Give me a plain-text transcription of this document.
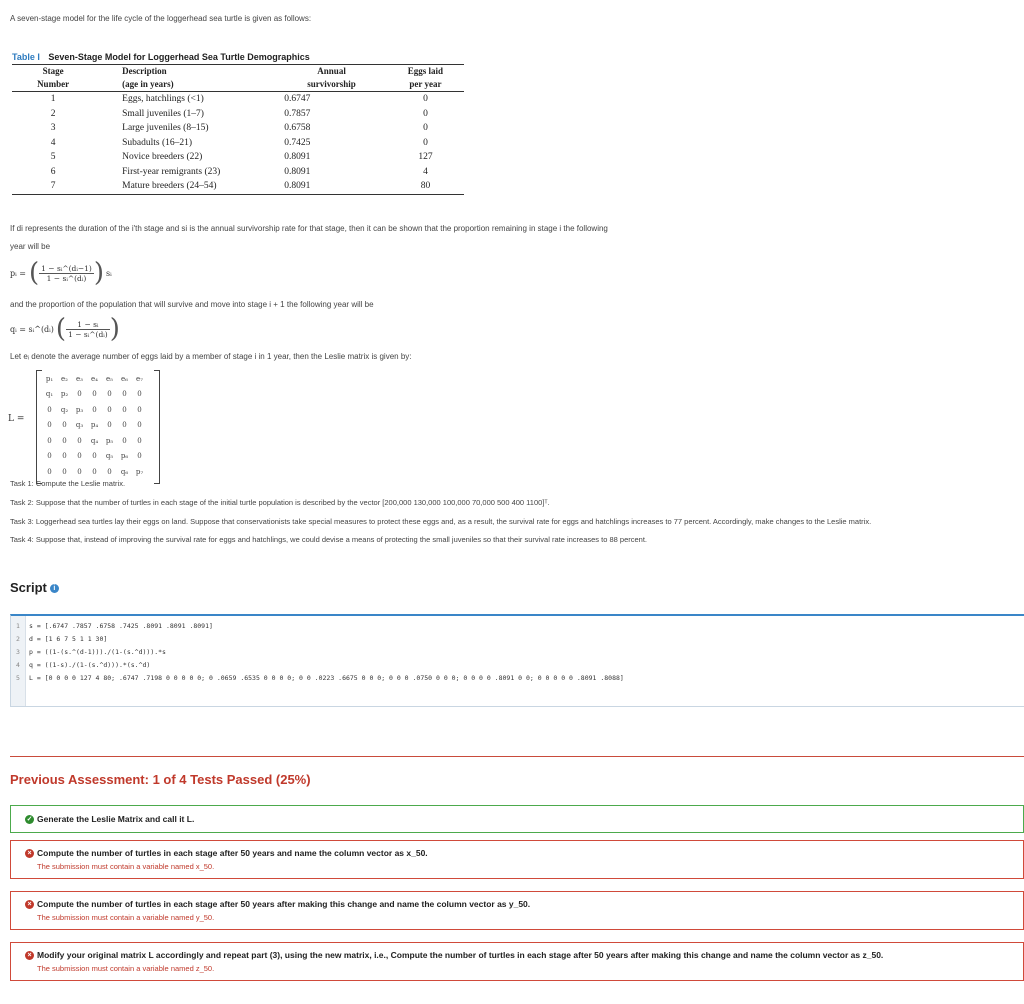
A seven-stage model for the life cycle of the loggerhead sea turtle is given as follows:
Table I Seven-Stage Model for Loggerhead Sea Turtle Demographics
Stage	Description	Annual	Eggs laid
Number	(age in years)	survivorship	per year
1	Eggs, hatchlings (<1)	0.6747	0
2	Small juveniles (1–7)	0.7857	0
3	Large juveniles (8–15)	0.6758	0
4	Subadults (16–21)	0.7425	0
5	Novice breeders (22)	0.8091	127
6	First-year remigrants (23)	0.8091	4
7	Mature breeders (24–54)	0.8091	80
If di represents the duration of the i'th stage and si is the annual survivorship rate for that stage, then it can be shown that the proportion remaining in stage i the following
year will be
pᵢ = ( $\frac{\text{1 − sᵢ\textasciicircum{}(dᵢ−1)}}{\text{1 − sᵢ\textasciicircum{}(dᵢ)}}$ ) sᵢ
and the proportion of the population that will survive and move into stage i + 1 the following year will be
qᵢ = sᵢ^(dᵢ) ( $\frac{\text{1 − sᵢ}}{\text{1 − sᵢ\textasciicircum{}(dᵢ)}}$ )
Let eᵢ denote the average number of eggs laid by a member of stage i in 1 year, then the Leslie matrix is given by:
L =
p₁	e₂	e₃	e₄	e₅	e₆	e₇
q₁	p₂	0	0	0	0	0
0	q₂	p₃	0	0	0	0
0	0	q₃	p₄	0	0	0
0	0	0	q₄	p₅	0	0
0	0	0	0	q₅	p₆	0
0	0	0	0	0	q₆	p₇
Task 1: Compute the Leslie matrix.
Task 2: Suppose that the number of turtles in each stage of the initial turtle population is described by the vector [200,000 130,000 100,000 70,000 500 400 1100]ᵀ.
Task 3: Loggerhead sea turtles lay their eggs on land. Suppose that conservationists take special measures to protect these eggs and, as a result, the survival rate for eggs and hatchlings increases to 77 percent. Accordingly, make changes to the Leslie matrix.
Task 4: Suppose that, instead of improving the survival rate for eggs and hatchlings, we could devise a means of protecting the small juveniles so that their survival rate increases to 88 percent.
Script i
1 s = [.6747 .7857 .6758 .7425 .8091 .8091 .8091]
2 d = [1 6 7 5 1 1 30]
3 p = ((1-(s.^(d-1)))./(1-(s.^d))).*s
4 q = ((1-s)./(1-(s.^d))).*(s.^d)
5 L = [0 0 0 0 127 4 80; .6747 .7198 0 0 0 0 0; 0 .0659 .6535 0 0 0 0; 0 0 .0223 .6675 0 0 0; 0 0 0 .0750 0 0 0; 0 0 0 0 .8091 0 0; 0 0 0 0 0 .8091 .8088]
Previous Assessment: 1 of 4 Tests Passed (25%)
✓ Generate the Leslie Matrix and call it L.
× Compute the number of turtles in each stage after 50 years and name the column vector as x_50.
The submission must contain a variable named x_50.
× Compute the number of turtles in each stage after 50 years after making this change and name the column vector as y_50.
The submission must contain a variable named y_50.
× Modify your original matrix L accordingly and repeat part (3), using the new matrix, i.e., Compute the number of turtles in each stage after 50 years after making this change and name the column vector as z_50.
The submission must contain a variable named z_50.
